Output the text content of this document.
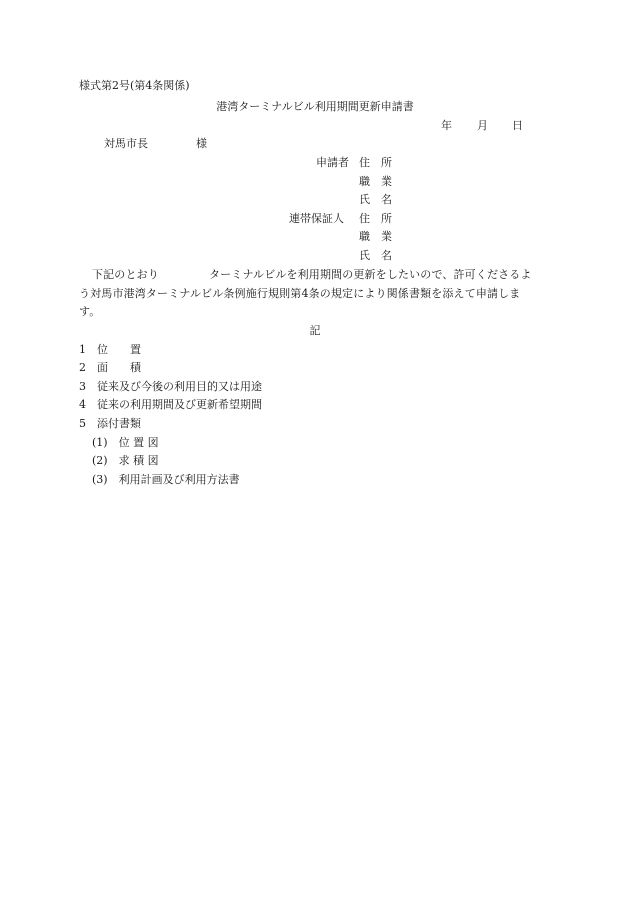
様式第2号(第4条関係)
港湾ターミナルビル利用期間更新申請書
年 月 日
対馬市長	様
申請者 住　所
職　業
氏　名
連帯保証人 住　所
職　業
氏　名
下記のとおり	ターミナルビルを利用期間の更新をしたいので、許可くださるよ
う対馬市港湾ターミナルビル条例施行規則第4条の規定により関係書類を添えて申請しま
す。
記
1　位　　置
2　面　　積
3　従来及び今後の利用目的又は用途
4　従来の利用期間及び更新希望期間
5　添付書類
(1)　位 置 図
(2)　求 積 図
(3)　利用計画及び利用方法書
